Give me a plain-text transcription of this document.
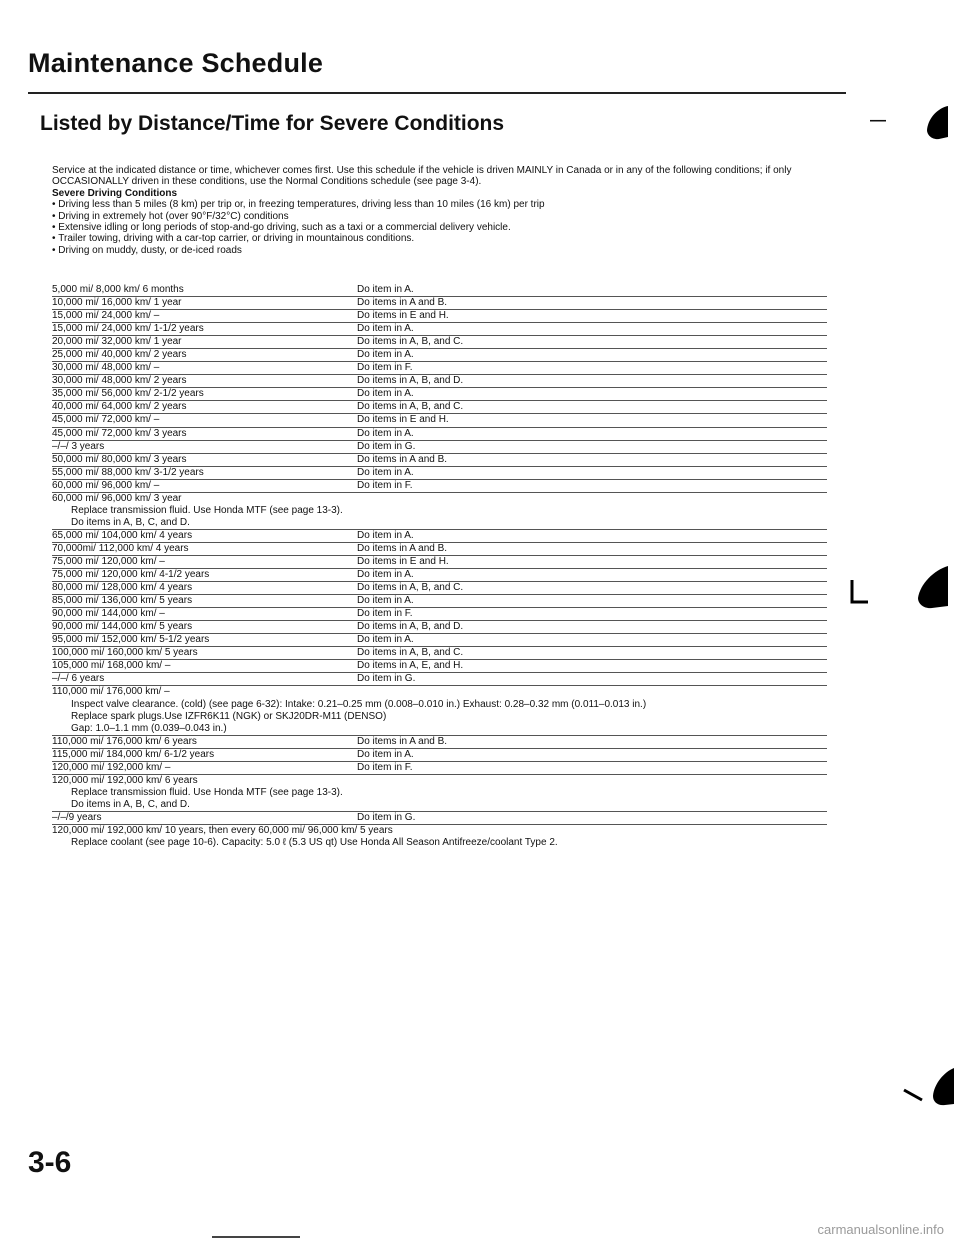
Maintenance Schedule
Listed by Distance/Time for Severe Conditions	—

Service at the indicated distance or time, whichever comes first. Use this schedule if the vehicle is driven MAINLY in Canada or in any of the following conditions; if only OCCASIONALLY driven in these conditions, use the Normal Conditions schedule (see page 3-4).

Severe Driving Conditions

• Driving less than 5 miles (8 km) per trip or, in freezing temperatures, driving less than 10 miles (16 km) per trip
• Driving in extremely hot (over 90°F/32°C) conditions
• Extensive idling or long periods of stop-and-go driving, such as a taxi or a commercial delivery vehicle.
• Trailer towing, driving with a car-top carrier, or driving in mountainous conditions.
• Driving on muddy, dusty, or de-iced roads
5,000 mi/ 8,000 km/ 6 months	Do item in A.
10,000 mi/ 16,000 km/ 1 year	Do items in A and B.
15,000 mi/ 24,000 km/ –	Do items in E and H.
15,000 mi/ 24,000 km/ 1-1/2 years	Do item in A.
20,000 mi/ 32,000 km/ 1 year	Do items in A, B, and C.
25,000 mi/ 40,000 km/ 2 years	Do item in A.
30,000 mi/ 48,000 km/ –	Do item in F.
30,000 mi/ 48,000 km/ 2 years	Do items in A, B, and D.
35,000 mi/ 56,000 km/ 2-1/2 years	Do item in A.
40,000 mi/ 64,000 km/ 2 years	Do items in A, B, and C.
45,000 mi/ 72,000 km/ –	Do items in E and H.
45,000 mi/ 72,000 km/ 3 years	Do item in A.
–/–/ 3 years	Do item in G.
50,000 mi/ 80,000 km/ 3 years	Do items in A and B.
55,000 mi/ 88,000 km/ 3-1/2 years	Do item in A.
60,000 mi/ 96,000 km/ –	Do item in F.
60,000 mi/ 96,000 km/ 3 year
Replace transmission fluid. Use Honda MTF (see page 13-3).
Do items in A, B, C, and D.
65,000 mi/ 104,000 km/ 4 years	Do item in A.
70,000mi/ 112,000 km/ 4 years	Do items in A and B.
75,000 mi/ 120,000 km/ –	Do items in E and H.
75,000 mi/ 120,000 km/ 4-1/2 years	Do item in A.
80,000 mi/ 128,000 km/ 4 years	Do items in A, B, and C.
85,000 mi/ 136,000 km/ 5 years	Do item in A.
90,000 mi/ 144,000 km/ –	Do item in F.
90,000 mi/ 144,000 km/ 5 years	Do items in A, B, and D.
95,000 mi/ 152,000 km/ 5-1/2 years	Do item in A.
100,000 mi/ 160,000 km/ 5 years	Do items in A, B, and C.
105,000 mi/ 168,000 km/ –	Do items in A, E, and H.
–/–/ 6 years	Do item in G.
110,000 mi/ 176,000 km/ –
Inspect valve clearance. (cold) (see page 6-32): Intake: 0.21–0.25 mm (0.008–0.010 in.) Exhaust: 0.28–0.32 mm (0.011–0.013 in.)
Replace spark plugs.Use IZFR6K11 (NGK) or SKJ20DR-M11 (DENSO)
Gap: 1.0–1.1 mm (0.039–0.043 in.)
110,000 mi/ 176,000 km/ 6 years	Do items in A and B.
115,000 mi/ 184,000 km/ 6-1/2 years	Do item in A.
120,000 mi/ 192,000 km/ –	Do item in F.
120,000 mi/ 192,000 km/ 6 years
Replace transmission fluid. Use Honda MTF (see page 13-3).
Do items in A, B, C, and D.
–/–/9 years	Do item in G.
120,000 mi/ 192,000 km/ 10 years, then every 60,000 mi/ 96,000 km/ 5 years
Replace coolant (see page 10-6). Capacity: 5.0 ℓ (5.3 US qt) Use Honda All Season Antifreeze/coolant Type 2.
3-6
carmanualsonline.info
